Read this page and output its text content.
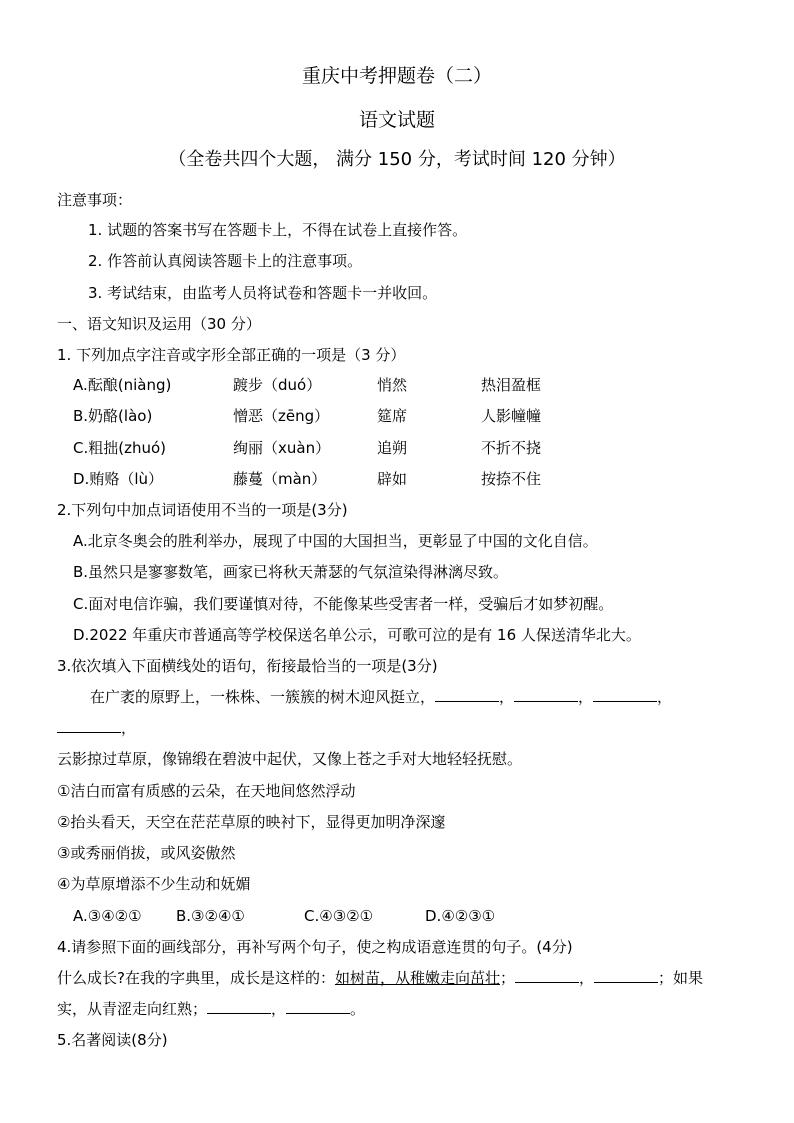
重庆中考押题卷（二）
语文试题
（全卷共四个大题， 满分 150 分，考试时间 120 分钟）
注意事项：
1. 试题的答案书写在答题卡上，不得在试卷上直接作答。
2. 作答前认真阅读答题卡上的注意事项。
3. 考试结束，由监考人员将试卷和答题卡一并收回。
一、语文知识及运用（30 分）
1. 下列加点字注音或字形全部正确的一项是（3 分）
A.酝酿(niàng)	踱步（duó）	悄然	热泪盈框
B.奶酪(lào)	憎恶（zēng）	筵席	人影幢幢
C.粗拙(zhuó)	绚丽（xuàn）	追朔	不折不挠
D.贿赂（lù）	藤蔓（màn）	辟如	按捺不住
2.下列句中加点词语使用不当的一项是(3分)
A.北京冬奥会的胜利举办，展现了中国的大国担当，更彰显了中国的文化自信。
B.虽然只是寥寥数笔，画家已将秋天萧瑟的气氛渲染得淋漓尽致。
C.面对电信诈骗，我们要谨慎对待，不能像某些受害者一样，受骗后才如梦初醒。
D.2022 年重庆市普通高等学校保送名单公示，可歌可泣的是有 16 人保送清华北大。
3.依次填入下面横线处的语句，衔接最恰当的一项是(3分)
在广袤的原野上，一株株、一簇簇的树木迎风挺立，	，	，	，
，
云影掠过草原，像锦缎在碧波中起伏，又像上苍之手对大地轻轻抚慰。
①洁白而富有质感的云朵，在天地间悠然浮动
②抬头看天，天空在茫茫草原的映衬下，显得更加明净深邃
③或秀丽俏拔，或风姿傲然
④为草原增添不少生动和妩媚
A.③④②① B.③②④①	C.④③②①	D.④②③①
4.请参照下面的画线部分，再补写两个句子，使之构成语意连贯的句子。(4分)
什么成长?在我的字典里，成长是这样的：如树苗，从稚嫩走向茁壮；	，	；如果
实，从青涩走向红熟；	，	。
5.名著阅读(8分)
